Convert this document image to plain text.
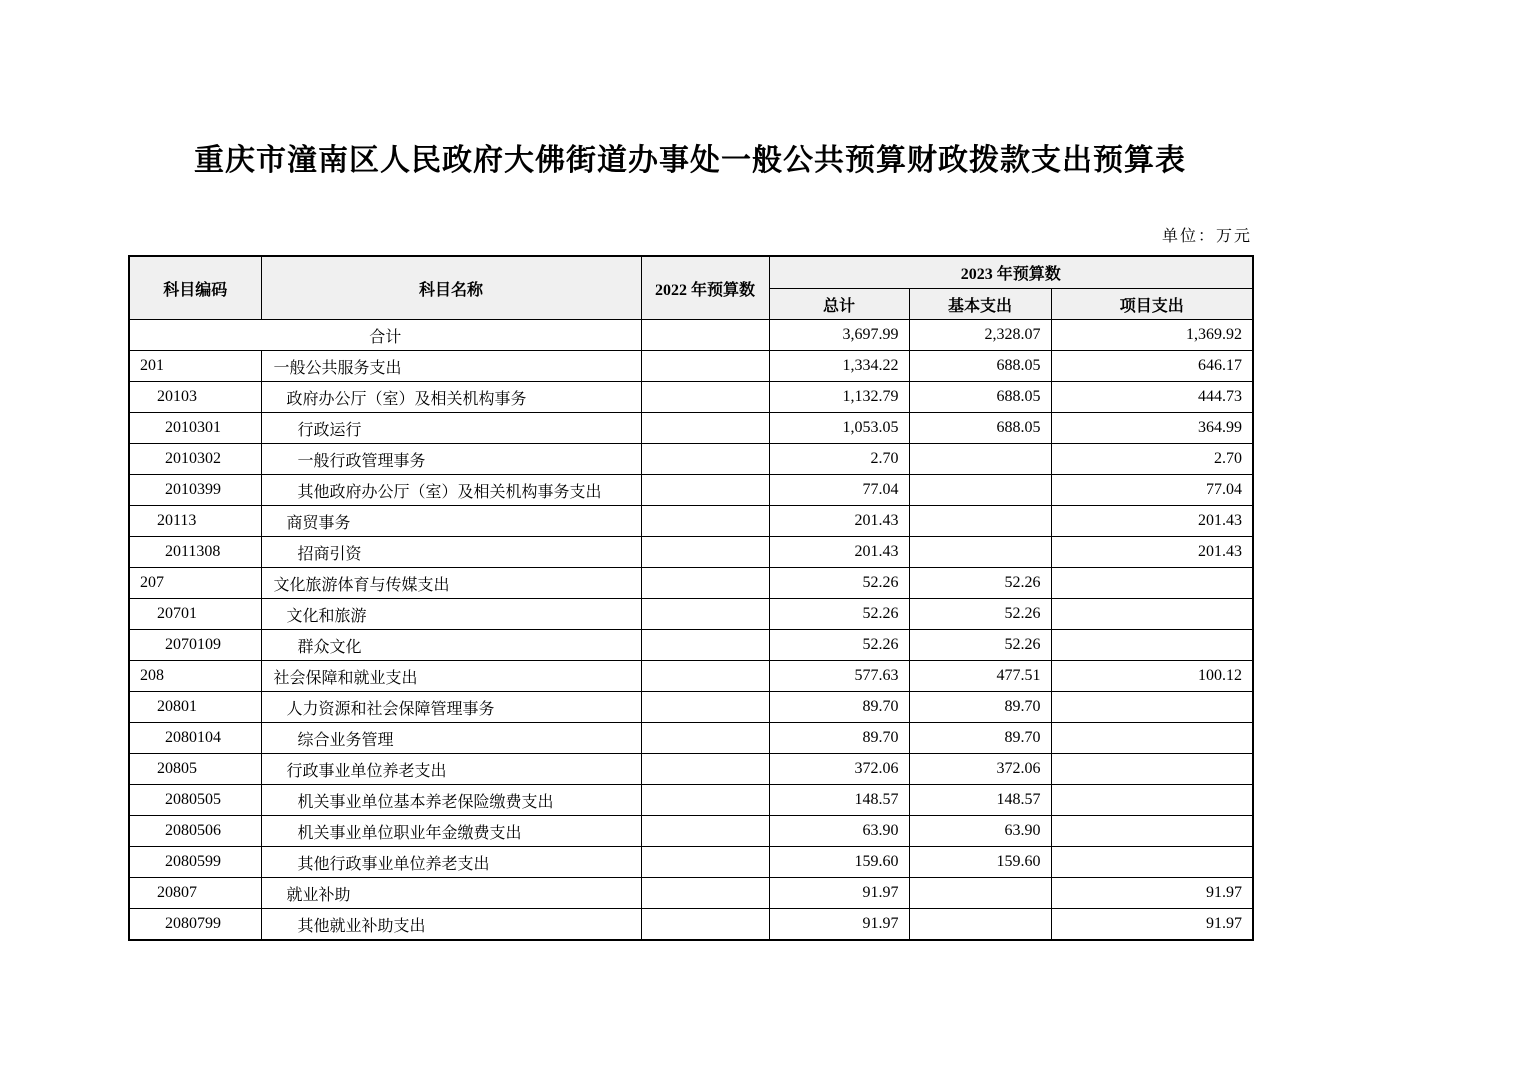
重庆市潼南区人民政府大佛街道办事处一般公共预算财政拨款支出预算表
单位：万元
科目编码	科目名称	2022 年预算数	2023 年预算数		
			总计	基本支出	项目支出
合计			3,697.99	2,328.07	1,369.92
201	一般公共服务支出		1,334.22	688.05	646.17
20103	政府办公厅（室）及相关机构事务		1,132.79	688.05	444.73
2010301	行政运行		1,053.05	688.05	364.99
2010302	一般行政管理事务		2.70		2.70
2010399	其他政府办公厅（室）及相关机构事务支出		77.04		77.04
20113	商贸事务		201.43		201.43
2011308	招商引资		201.43		201.43
207	文化旅游体育与传媒支出		52.26	52.26	
20701	文化和旅游		52.26	52.26	
2070109	群众文化		52.26	52.26	
208	社会保障和就业支出		577.63	477.51	100.12
20801	人力资源和社会保障管理事务		89.70	89.70	
2080104	综合业务管理		89.70	89.70	
20805	行政事业单位养老支出		372.06	372.06	
2080505	机关事业单位基本养老保险缴费支出		148.57	148.57	
2080506	机关事业单位职业年金缴费支出		63.90	63.90	
2080599	其他行政事业单位养老支出		159.60	159.60	
20807	就业补助		91.97		91.97
2080799	其他就业补助支出		91.97		91.97
